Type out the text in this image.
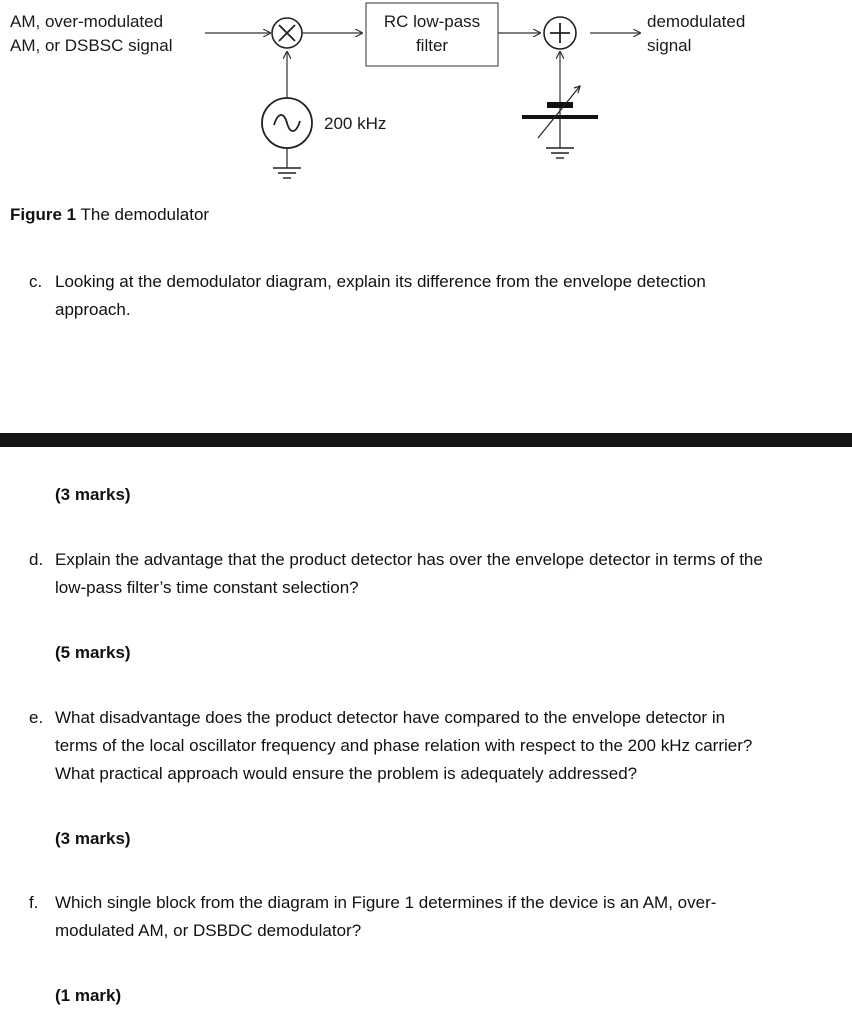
AM, over-modulated
AM, or DSBSC signal
RC low-pass
filter
demodulated
signal
200 kHz
Figure 1 The demodulator
c. Looking at the demodulator diagram, explain its difference from the envelope detection
approach.
(3 marks)
d. Explain the advantage that the product detector has over the envelope detector in terms of the
low-pass filter’s time constant selection?
(5 marks)
e. What disadvantage does the product detector have compared to the envelope detector in
terms of the local oscillator frequency and phase relation with respect to the 200 kHz carrier?
What practical approach would ensure the problem is adequately addressed?
(3 marks)
f. Which single block from the diagram in Figure 1 determines if the device is an AM, over-
modulated AM, or DSBDC demodulator?
(1 mark)
